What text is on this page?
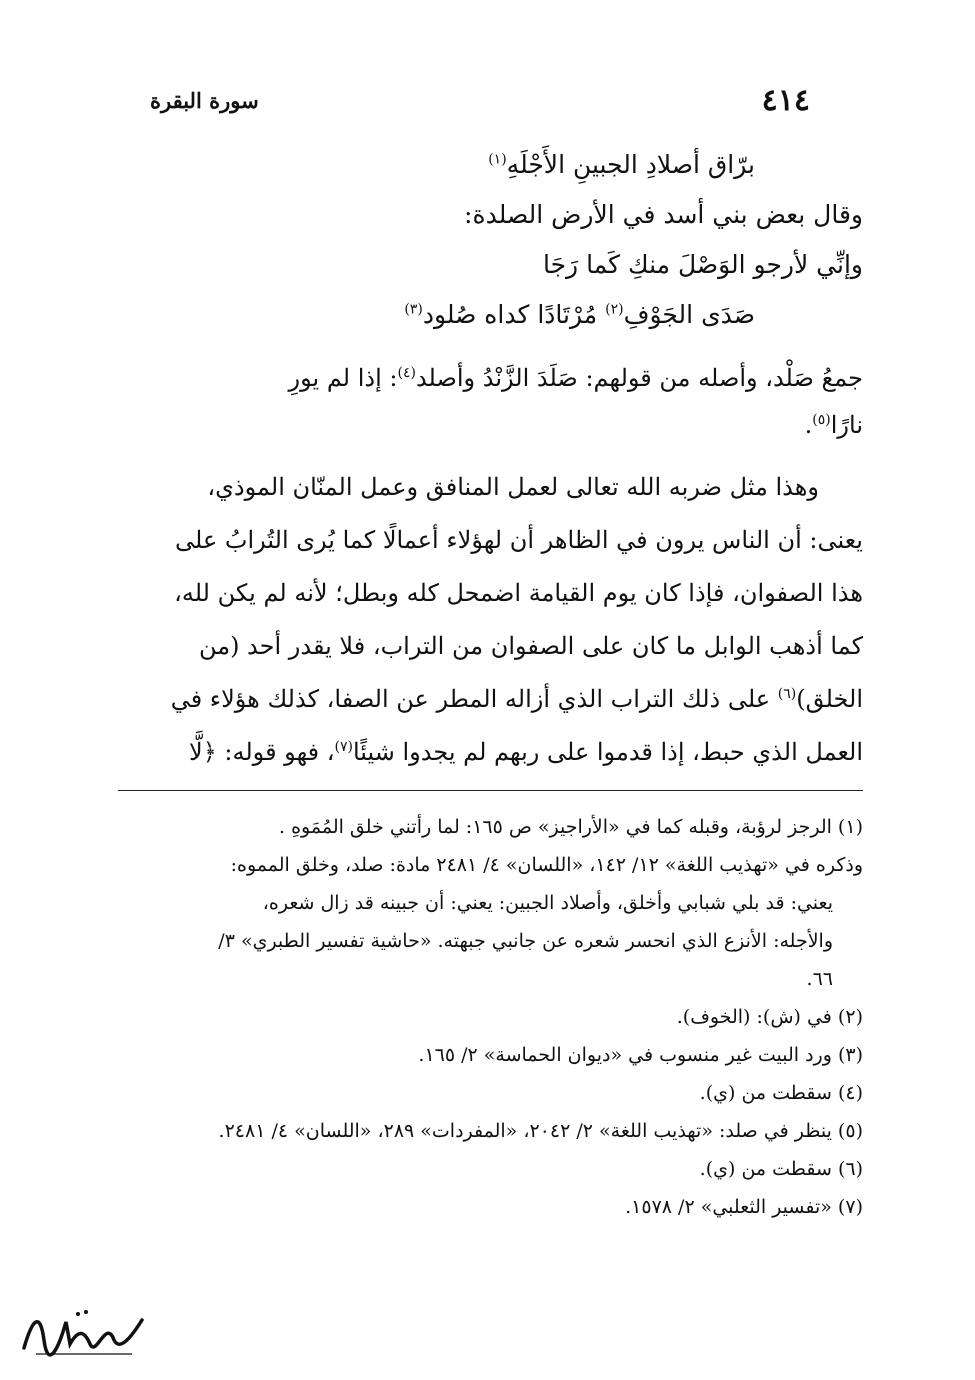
٤١٤
سورة البقرة
برّاق أصلادِ الجبينِ الأَجْلَهِ$^{(١)}$
وقال بعض بني أسد في الأرض الصلدة:
وإنِّي لأرجو الوَصْلَ منكِ كَما رَجَا
صَدَى الجَوْفِ$^{(٢)}$ مُرْتَادًا كداه صُلود$^{(٣)}$
جمعُ صَلْد، وأصله من قولهم: صَلَدَ الزَّنْدُ وأصلد$^{(٤)}$: إذا لم يورِ
نارًا$^{(٥)}$.
وهذا مثل ضربه الله تعالى لعمل المنافق وعمل المنّان الموذي،
يعنى: أن الناس يرون في الظاهر أن لهؤلاء أعمالًا كما يُرى التُرابُ على
هذا الصفوان، فإذا كان يوم القيامة اضمحل كله وبطل؛ لأنه لم يكن لله،
كما أذهب الوابل ما كان على الصفوان من التراب، فلا يقدر أحد (من
الخلق)$^{(٦)}$ على ذلك التراب الذي أزاله المطر عن الصفا، كذلك هؤلاء في
العمل الذي حبط، إذا قدموا على ربهم لم يجدوا شيئًا$^{(٧)}$، فهو قوله: ﴿لَّا
(١) الرجز لرؤبة، وقبله كما في «الأراجيز» ص ١٦٥: لما رأتني خلق المُمَوهِ .
وذكره في «تهذيب اللغة» ١٢/ ١٤٢، «اللسان» ٤/ ٢٤٨١ مادة: صلد، وخلق المموه:
يعني: قد بلي شبابي وأخلق، وأصلاد الجبين: يعني: أن جبينه قد زال شعره،
والأجله: الأنزع الذي انحسر شعره عن جانبي جبهته. «حاشية تفسير الطبري» ٣/
٦٦.
(٢) في (ش): (الخوف).
(٣) ورد البيت غير منسوب في «ديوان الحماسة» ٢/ ١٦٥.
(٤) سقطت من (ي).
(٥) ينظر في صلد: «تهذيب اللغة» ٢/ ٢٠٤٢، «المفردات» ٢٨٩، «اللسان» ٤/ ٢٤٨١.
(٦) سقطت من (ي).
(٧) «تفسير الثعلبي» ٢/ ١٥٧٨.
